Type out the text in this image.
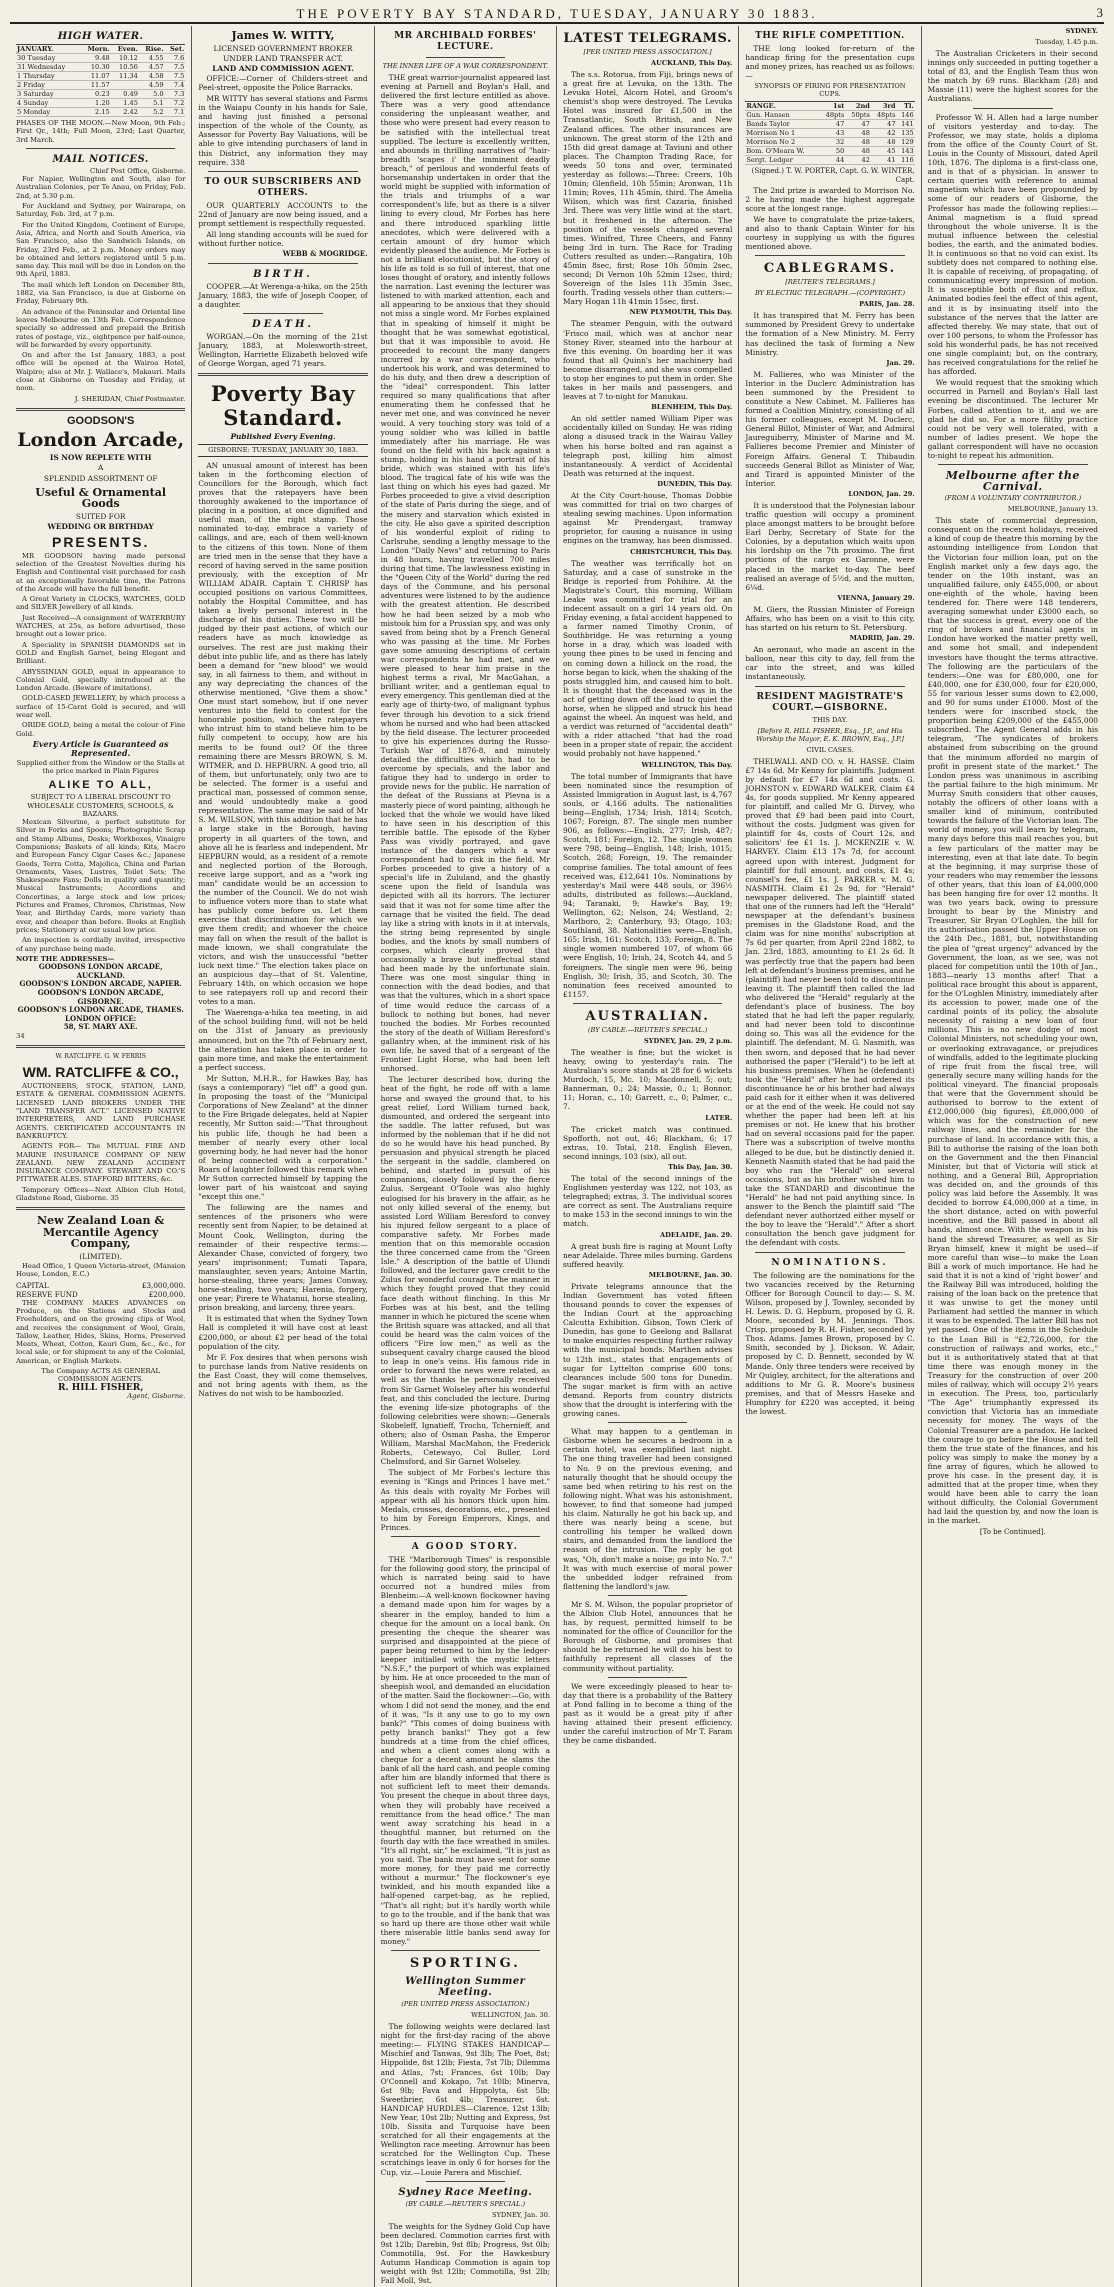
THE POVERTY BAY STANDARD, TUESDAY, JANUARY 30 1883.	3
HIGH WATER.
JANUARY.	Morn.	Even.	Rise.	Set.
30 Tuesday	9.48	10.12	4.55	7.6
31 Wednesday	10.30	10.56	4.57	7.5
1 Thursday	11.07	11.34	4.58	7.5
2 Friday	11.57		4.59	7.4
3 Saturday	0.23	0.49	5.0	7.3
4 Sunday	1.20	1.45	5.1	7.2
5 Monday	2.15	2.42	5.2	7.1
PHASES OF THE MOON.—New Moon, 9th Feb.; First Qr., 14th; Full Moon, 23rd; Last Quarter, 3rd March.
MAIL NOTICES.
Chief Post Office, Gisborne.

For Napier, Wellington and South, also for Australian Colonies, per Te Anau, on Friday, Feb. 2nd, at 5.30 p.m.

For Auckland and Sydney, per Wairarapa, on Saturday, Feb. 3rd, at 7 p.m.

For the United Kingdom, Continent of Europe, Asia, Africa, and North and South America, via San Francisco, also the Sandwich Islands, on Friday, 23rd Feb., at 2 p.m. Money orders may be obtained and letters registered until 5 p.m. same day. This mail will be due in London on the 9th April, 1883.

The mail which left London on December 8th, 1882, via San Francisco, is due at Gisborne on Friday, February 9th.

An advance of the Peninsular and Oriental line leaves Melbourne on 13th Feb. Correspondence specially so addressed and prepaid the British rates of postage, viz., eightpence per half-ounce, will be forwarded by every opportunity.

On and after the 1st January, 1883, a post office will be opened at the Wairoa Hotel, Waipiro; also at Mr. J. Wallace's, Makauri. Mails close at Gisborne on Tuesday and Friday, at noon.

J. SHERIDAN, Chief Postmaster.
GOODSON'S
London Arcade,
IS NOW REPLETE WITH
A
SPLENDID ASSORTMENT OF
Useful & Ornamental Goods
SUITED FOR
WEDDING OR BIRTHDAY
PRESENTS.

MR GOODSON having made personal selection of the Greatest Novelties during his English and Continental visit purchased for cash at an exceptionally favorable time, the Patrons of the Arcade will have the full benefit.

A Great Variety in CLOCKS, WATCHES, GOLD and SILVER Jewellery of all kinds.

Just Received—A consignment of WATERBURY WATCHES, at 25s, as before advertised, those brought out a lower price.

A Speciality in SPANISH DIAMONDS set in GOLD and English Garnet, being Elegant and Brilliant.

ABYSSINIAN GOLD, equal in appearance to Colonial Gold, specially introduced at the London Arcade. (Beware of imitations).

GOLD-CASED JEWELLERY, by which process a surface of 15-Carat Gold is secured, and will wear well.

ORIDE GOLD, being a metal the colour of Fine Gold.

Every Article is Guaranteed as Represented.
Supplied either from the Window or the Stalls at the price marked in Plain Figures
ALIKE TO ALL,
SUBJECT TO A LIBERAL DISCOUNT TO WHOLESALE CUSTOMERS, SCHOOLS, & BAZAARS.

Mexican Silverine, a perfect substitute for Silver in Forks and Spoons; Photographic Scrap and Stamp Albums, Desks; Workboxes, Vinaigre Companions; Baskets of all kinds; Kits, Macro and European Fancy Cigar Cases &c.; Japanese Goods, Terra Cotta, Majolica, China and Parian Ornaments, Vases, Lustres, Toilet Sets; The Shakespeare Fans; Dolls in quality and quantity; Musical Instruments; Accordions and Concertinas, a large stock and low prices; Pictures and Frames, Chromos, Christmas, New Year, and Birthday Cards, more variety than ever, and cheaper than before. Books at English prices; Stationery at our usual low price.

An inspection is cordially invited, irrespective of any purchase being made.

NOTE THE ADDRESSES—
GOODSONS LONDON ARCADE, AUCKLAND.
GOODSON'S LONDON ARCADE, NAPIER.
GOODSON'S LONDON ARCADE, GISBORNE.
GOODSON'S LONDON ARCADE, THAMES.
LONDON OFFICE:
58, ST. MARY AXE.
34
W. RATCLIFFE. G. W. FERRIS
WM. RATCLIFFE & CO.,

AUCTIONEERS, STOCK, STATION, LAND, ESTATE & GENERAL COMMISSION AGENTS. LICENSED LAND BROKERS UNDER THE "LAND TRANSFER ACT." LICENSED NATIVE INTERPRETERS, AND LAND PURCHASE AGENTS. CERTIFICATED ACCOUNTANTS IN BANKRUPTCY.

AGENTS FOR— The MUTUAL FIRE AND MARINE INSURANCE COMPANY OF NEW ZEALAND. NEW ZEALAND ACCIDENT INSURANCE COMPANY. STEWART AND CO.'S PITTWATER ALES. STAFFORD BITTERS, &c.

Temporary Offices—Next Albion Club Hotel, Gladstone Road, Gisborne. 35

New Zealand Loan & Mercantile Agency Company,
(LIMITED).

Head Office, 1 Queen Victoria-street, (Mansion House, London, E.C.)

CAPITAL	£3,000,000.
RESERVE FUND	£200,000.

THE COMPANY MAKES ADVANCES on Produce, on the Stations and Stocks and Freeholders, and on the growing clips of Wool, and receives the consignment of Wool, Grain, Tallow, Leather, Hides, Skins, Horns, Preserved Meats, Wheat, Cotton, Kauri Gum, &c., &c., for local sale, or for shipment to any of the Colonial, American, or English Markets.

The Company ACTS AS GENERAL COMMISSION AGENTS.
R. HILL FISHER,
Agent, Gisborne.
James W. WITTY,
LICENSED GOVERNMENT BROKER
UNDER LAND TRANSFER ACT.
LAND AND COMMISSION AGENT.

OFFICE:—Corner of Childers-street and Peel-street, opposite the Police Barracks.

MR WITTY has several stations and Farms in the Waiapu County in his hands for Sale, and having just finished a personal inspection of the whole of the County, as Assessor for Poverty Bay Valuations, will be able to give intending purchasers of land in this District, any information they may require. 338

TO OUR SUBSCRIBERS AND OTHERS.

OUR QUARTERLY ACCOUNTS to the 22nd of January are now being issued, and a prompt settlement is respectfully requested.

All long standing accounts will be sued for without further notice.

WEBB & MOGRIDGE.
BIRTH.

COOPER.—At Werenga-a-hika, on the 25th January, 1883, the wife of Joseph Cooper, of a daughter.

DEATH.

WORGAN.—On the morning of the 21st January, 1883, at Molesworth-street, Wellington, Harriette Elizabeth beloved wife of George Worgan, aged 71 years.

Poverty Bay Standard.
Published Every Evening.
GISBORNE: TUESDAY, JANUARY 30, 1883.

AN unusual amount of interest has been taken in the forthcoming election of Councillors for the Borough, which fact proves that the ratepayers have been thoroughly awakened to the importance of placing in a position, at once dignified and useful man, of the right stamp. Those nominated to-day, embrace a variety of callings, and are, each of them well-known to the citizens of this town. None of them are tried men in the sense that they have a record of having served in the same position previously, with the exception of Mr WILLIAM ADAIR. Captain T. CHRISP has occupied positions on various Committees, notably the Hospital Committee, and has taken a lively personal interest in the discharge of his duties. These two will be judged by their past actions, of which our readers have as much knowledge as ourselves. The rest are just making their début into public life, and as there has lately been a demand for "new blood" we would say, in all fairness to them, and without in any way depreciating the chances of the otherwise mentioned, "Give them a show." One must start somehow, but if one never ventures into the field to contest for the honorable position, which the ratepayers who intrust him to stand believe him to be fully competent to occupy, how are his merits to be found out? Of the three remaining there are Messrs BROWN, S. M. WITMER, and D. HEPBURN. A good trio, all of them, but unfortunately, only two are to be selected. The former is a useful and practical man, possessed of common sense, and would undoubtedly make a good representative. The same may be said of Mr S. M. WILSON, with this addition that he has a large stake in the Borough, having property in all quarters of the town, and above all he is fearless and independent. Mr HEPBURN would, as a resident of a remote and neglected portion of the Borough, receive large support, and as a "work ing man" candidate would be an accession to the number of the Council. We do not wish to influence voters more than to state what has publicly come before us. Let them exercise that discrimination for which we give them credit; and whoever the choice may fall on when the result of the ballot is made known, we shall congratulate the victors, and wish the unsuccessful "better luck next time." The election takes place on an auspicious day—that of St. Valentine, February 14th, on which occasion we hope to see ratepayers roll up and record their votes to a man.

The Waerenga-a-hika tea meeting, in aid of the school building fund, will not be held on the 31st of January as previously announced, but on the 7th of February next, the alteration has taken place in order to gain more time, and make the entertainment a perfect success.

Mr Sutton, M.H.R., for Hawkes Bay, has (says a contemporary) "let off" a good gun. In proposing the toast of the "Municipal Corporations of New Zealand" at the dinner to the Fire Brigade delegates, held at Napier recently, Mr Sutton said:—"That throughout his public life, though he had been a member of nearly every other local governing body, he had never had the honor of being connected with a corporation." Roars of laughter followed this remark when Mr Sutton corrected himself by tapping the lower part of his waistcoat and saying "except this one."

The following are the names and sentences of the prisoners who were recently sent from Napier, to be detained at Mount Cook, Wellington, during the remainder of their respective terms:—Alexander Chase, convicted of forgery, two years' imprisonment; Tumati Tapara, manslaughter, seven years; Antoine Martin, horse-stealing, three years; James Conway, horse-stealing, two years; Harenia, forgery, one year; Pirere te Whatanui, horse stealing, prison breaking, and larceny, three years.

It is estimated that when the Sydney Town Hall is completed it will have cost at least £200,000, or about £2 per head of the total population of the city.

Mr F. Fox desires that when persons wish to purchase lands from Native residents on the East Coast, they will come themselves, and not bring agents with them, as the Natives do not wish to be hamboozled.

MR ARCHIBALD FORBES' LECTURE.
THE INNER LIFE OF A WAR CORRESPONDENT.

THE great warrior-journalist appeared last evening at Parnell and Boylan's Hall, and delivered the first lecture entitled as above. There was a very good attendance considering the unpleasant weather, and those who were present had every reason to be satisfied with the intellectual treat supplied. The lecture is excellently written, and abounds in thrilling narratives of "hair-breadth 'scapes i' the imminent deadly breach," of perilous and wonderful feats of horsemanship undertaken in order that the world might be supplied with information of the trials and triumphs of a war correspondent's life, but as there is a silver lining to every cloud, Mr Forbes has here and there introduced sparkling little anecdotes, which were delivered with a certain amount of dry humor which evidently pleased the audience. Mr Forbes is not a brilliant elocutionist, but the story of his life as told is so full of interest, that one loses thought of oratory, and intently follows the narration. Last evening the lecturer was listened to with marked attention, each and all appearing to be anxious that they should not miss a single word. Mr Forbes explained that in speaking of himself it might be thought that he was somewhat egotistical, but that it was impossible to avoid. He proceeded to recount the many dangers incurred by a war correspondent, who undertook his work, and was determined to do his duty, and then drew a description of the "ideal" correspondent. This latter required so many qualifications that after enumerating them he confessed that he never met one, and was convinced he never would. A very touching story was told of a young soldier who was killed in battle immediately after his marriage. He was found on the field with his back against a stump, holding in his hand a portrait of his bride, which was stained with his life's blood. The tragical fate of his wife was the last thing on which his eyes had gazed. Mr Forbes proceeded to give a vivid description of the state of Paris during the siege, and of the misery and starvation which existed in the city. He also gave a spirited description of his wonderful exploit of riding to Carlsruhe, sending a lengthy message to the London "Daily News" and returning to Paris in 48 hours, having travelled 700 miles during that time. The lawlessness existing in the "Queen City of the World" during the red days of the Commune, and his personal adventures were listened to by the audience with the greatest attention. He described how he had been seized by a mob who mistook him for a Prussian spy, and was only saved from being shot by a French General who was passing at the time. Mr Forbes gave some amusing descriptions of certain war correspondents he had met, and we were pleased to hear him praise in the highest terms a rival, Mr MacGahan, a brilliant writer, and a gentleman equal to every emergency. This gentleman died at the early age of thirty-two, of malignant typhus fever through his devotion to a sick friend whom he nursed and who had been attacked by the field disease. The lecturer proceeded to give his experiences during the Russo-Turkish War of 1876-8, and minutely detailed the difficulties which had to be overcome by specials, and the labor and fatigue they had to undergo in order to provide news for the public. He narration of the defeat of the Russians at Plevna is a masterly piece of word painting, although he locked that the whole we would have liked to have seen in his description of this terrible battle. The episode of the Kyber Pass was vividly portrayed, and gave instance of the dangers which a war correspondent had to risk in the field. Mr Forbes proceeded to give a history of a special's life in Zululand, and the ghastly scene upon the field of Isandula was depicted with all its horrors. The lecturer said that it was not for some time after the carnage that he visited the field. The dead lay like a string with knots in it at intervals, the string being represented by single bodies, and the knots by small numbers of corpses, which clearly proved that occasionally a brave but ineffectual stand had been made by the unfortunate slain. There was one most singular thing in connection with the dead bodies, and that was that the vultures, which in a short space of time would reduce the carcass of a bullock to nothing but bones, had never touched the bodies. Mr Forbes recounted the story of the death of William Beresford's gallantry when, at the imminent risk of his own life, he saved that of a sergeant of the Frontier Light Horse, who had been left unhorsed.

The lecturer described how, during the heat of the fight, he rode off with a lame horse and swayed the ground that, to his great relief, Lord William turned back, dismounted, and ordered the sergeant into the saddle. The latter refused, but was informed by the nobleman that if he did not do so he would have his head punched. By persuasion and physical strength he placed the sergeant in the saddle, clambered on behind, and started in pursuit of his companions, closely followed by the fierce Zulus. Sergeant O'Toole was also highly eulogised for his bravery in the affair, as he not only killed several of the enemy, but assisted Lord William Beresford to convey his injured fellow sergeant to a place of comparative safety. Mr Forbes made mention that on this memorable occasion the three concerned came from the "Green Isle." A description of the battle of Ulundi followed, and the lecturer gave credit to the Zulus for wonderful courage. The manner in which they fought proved that they could face death without flinching. In this Mr Forbes was at his best, and the telling manner in which he pictured the scene when the British square was attacked, and all that could be heard was the calm voices of the officers "Fire low men," as well as the subsequent cavalry charge caused the blood to leap in one's veins. His famous ride in order to forward the news were related, as well as the thanks he personally received from Sir Garnet Wolseley after his wonderful feat, and this concluded the lecture. During the evening life-size photographs of the following celebrities were shown:—Generals Skobeleff, Ignatieff, Trochu, Tchernieff, and others; also of Osman Pasha, the Emperor William, Marshal MacMahon, the Frederick Roberts, Cetewayo, Col Buller, Lord Chelmsford, and Sir Garnet Wolseley.

The subject of Mr Forbes's lecture this evening is "Kings and Princes I have met." As this deals with royalty Mr Forbes will appear with all his honors thick upon him. Medals, crosses, decorations, etc., presented to him by Foreign Emperors, Kings, and Princes.

A GOOD STORY.

THE "Marlborough Times" is responsible for the following good story, the principal of which is narrated being said to have occurred not a hundred miles from Blenheim:—A well-known flockowner having a demand made upon him for wages by a shearer in the employ, handed to him a cheque for the amount on a local bank. On presenting the cheque the shearer was surprised and disappointed at the piece of paper being returned to him by the ledger-keeper initialled with the mystic letters "N.S.F.," the purport of which was explained by him. He at once proceeded to the man of sheepish wool, and demanded an elucidation of the matter. Said the flockowner:—Go, with whom I did not send the money, and the end of it was, "Is it any use to go to my own bank?" "This comes of doing business with petty branch banks!" They got a few hundreds at a time from the chief offices, and when a client comes along with a cheque for a decent amount he slams the bank of all the hard cash, and people coming after him are blandly informed that there is not sufficient left to meet their demands. You present the cheque in about three days, when they will probably have received a remittance from the head office." The man went away scratching his head in a thoughtful manner, but returned on the fourth day with the face wreathed in smiles. "It's all right, sir," he exclaimed, "It is just as you said. The bank must have sent for some more money, for they paid me correctly without a murmur." The flockowner's eye twinkled, and his mouth expanded like a half-opened carpet-bag, as he replied, "That's all right; but it's hardly worth while to go to the trouble, and if the bank that was so hard up there are those other wait while there miserable little banks send away for money."

SPORTING.
Wellington Summer Meeting.
(PER UNITED PRESS ASSOCIATION.)
WELLINGTON, Jan. 30.

The following weights were declared last night for the first-day racing of the above meeting:— FLYING STAKES HANDICAP—Mischief and Tanwas, 9st 3lb; The Poet, 8st; Hippolide, 8st 12lb; Fiesta, 7st 7lb; Dilemma and Atlas, 7st; Frances, 6st 10lb; Day O'Connell and Kokapo, 7st 10lb; Minerva, 6st 9lb; Fava and Hippolyta, 6st 5lb; Sweetbrier, 6st 4lb; Treasurer, 6st. HANDICAP HURDLES—Clarence, 12st 13lb; New Year, 10st 2lb; Nutting and Express, 9st 10lb. Sissita and Turquoise have been scratched for all their engagements at the Wellington race meeting. Arrownur has been scratched for the Wellington Cup. These scratchings leave in only 6 for horses for the Cup, viz.—Louie Parera and Mischief.

Sydney Race Meeting.
(BY CABLE.—REUTER'S SPECIAL.)
SYDNEY, Jan. 30.

The weights for the Sydney Gold Cup have been declared. Commotion carries first with 9st 12lb; Darebin, 9st 8lb; Progress, 9st 0lb; Commotilla, 9st. For the Hawkesbury Autumn Handicap Commotion is again top weight with 9st 12lb; Commotilla, 9st 2lb; Fall Moll, 9st.

LATEST TELEGRAMS.
[PER UNITED PRESS ASSOCIATION.]
AUCKLAND, This Day.

The s.s. Rotorua, from Fiji, brings news of a great fire at Levuka, on the 13th. The Levuka Hotel, Alcorn Hotel, and Groom's chemist's shop were destroyed. The Levuka Hotel was insured for £1,500 in the Transatlantic, South British, and New Zealand offices. The other insurances are unknown. The great storm of the 12th and 15th did great damage at Taviuni and other places. The Champion Trading Race, for weeds 50 tons and over, terminated yesterday as follows:—Three: Creers, 10h 10min; Glenfield, 10h 55min; Aronwan, 11h 11min; Roves, 11h 45min, third. The Amelia Wilson, which was first Cazaria, finished 3rd. There was very little wind at the start, but it freshened in the afternoon. The position of the vessels changed several times. Winifred, Three Cheers, and Fanny being 3rd in turn. The Race for Trading Cutters resulted as under:—Rangatira, 10h 45min 8sec, first; Rose 10h 50min 2sec, second; Di Vernon 10h 52min 12sec, third; Sovereign of the Isles 11h 35min 3sec, fourth. Trading vessels other than cutters:—Mary Hogan 11h 41min 15sec, first.

NEW PLYMOUTH, This Day.

The steamer Penguin, with the outward 'Frisco mail, which was at anchor near Stoney River, steamed into the harbour at five this evening. On boarding her it was found that all Quinn's her machinery had become disarranged, and she was compelled to stop her engines to put them in order. She takes in her mails and passengers, and leaves at 7 to-night for Manukau.

BLENHEIM, This Day.

An old settler named William Piper was accidentally killed on Sunday. He was riding along a disused track in the Wairau Valley when his horse bolted and ran against a telegraph post, killing him almost instantaneously. A verdict of Accidental Death was returned at the inquest.

DUNEDIN, This Day.

At the City Court-house, Thomas Dobbie was committed for trial on two charges of stealing sewing machines. Upon information against Mr Prendergast, tramway proprietor, for causing a nuisance in using engines on the tramway, has been dismissed.

CHRISTCHURCH, This Day.

The weather was terrifically hot on Saturday, and a case of sunstroke in the Bridge is reported from Pohihire. At the Magistrate's Court, this morning, William Leake was committed for trial for an indecent assault on a girl 14 years old. On Friday evening, a fatal accident happened to a farmer named Timothy Cronin, of Southbridge. He was returning a young horse in a dray, which was loaded with young thee pines to be used in fencing and on coming down a hillock on the road, the horse began to kick, when the shaking of the posts struggled him, and caused him to bolt. It is thought that the deceased was in the act of getting down off the load to quiet the horse, when he slipped and struck his head against the wheel. An inquest was held, and a verdict was returned of "accidental death" with a rider attached "that had the road been in a proper state of repair, the accident would probably not have happened."

WELLINGTON, This Day.

The total number of Immigrants that have been nominated since the resumption of Assisted Immigration in August last, is 4,767 souls, or 4,166 adults. The nationalities being—English, 1734; Irish, 1814; Scotch, 1067; Foreign, 87. The single men number 906, as follows:—English, 277; Irish, 487; Scotch, 181; Foreign, 12. The single women were 798, being—English, 148; Irish, 1015; Scotch, 268; Foreign, 19. The remainder comprise families. The total amount of fees received was, £12,641 10s. Nominations by yesterday's Mail were 448 souls, or 396½ adults, distributed as follows:—Auckland, 94; Taranaki, 9; Hawke's Bay, 19; Wellington, 62; Nelson, 24; Westland, 2; Marlboro, 2; Canterbury, 93; Otago, 103; Southland, 38. Nationalities were—English, 165; Irish, 161; Scotch, 133; Foreign, 8. The single women numbered 107, of whom 66 were English, 10; Irish, 24, Scotch 44, and 5 foreigners. The single men were 96, being English, 30; Irish, 35, and Scotch, 30. The nomination fees received amounted to £1157.

AUSTRALIAN.
(BY CABLE.—REUTER'S SPECIAL.)
SYDNEY, Jan. 29, 2 p.m.

The weather is fine; but the wicket is heavy, owing to yesterday's rain. The Australian's score stands at 28 for 6 wickets Murdoch, 15, Mc. 10; Macdonnell, 5; out; Bannerman, 0.; 24; Massie, 0.; 1; Bonnor, 11; Horan, c., 10; Garrett, c., 0; Palmer, c., 7.

LATER.

The cricket match was continued. Spofforth, not out, 46; Blackham, 6; 17 extras, 10. Total, 218. English Eleven, second innings, 103 (six), all out.

This Day, Jan. 30.

The total of the second innings of the Englishmen yesterday was 122, not 103, as telegraphed; extras, 3. The individual scores are correct as sent. The Australians require to make 153 in the second innings to win the match.

ADELAIDE, Jan. 29.

A great bush fire is raging at Mount Lofty near Adelaide. Three miles burning. Gardens suffered heavily.

MELBOURNE, Jan. 30.

Private telegrams announce that the Indian Government has voted fifteen thousand pounds to cover the expenses of the Indian Court at the approaching Calcutta Exhibition. Gibson, Town Clerk of Dunedin, has gone to Geelong and Ballarat to make enquiries respecting further railway with the municipal bonds. Marthen advises to 12th inst., states that engagements of sugar for Lyttelton comprise 600 tons; clearances include 500 tons for Dunedin. The sugar market is firm with an active demand. Reports from country districts show that the drought is interfering with the growing canes.

What may happen to a gentleman in Gisborne when he secures a bedroom in a certain hotel, was exemplified last night. The one thing traveller had been consigned to No. 9 on the previous evening, and naturally thought that he should occupy the same bed when retiring to his rest on the following night. What was his astonishment, however, to find that someone had jumped his claim. Naturally he got his back up, and there was nearly being a scene, but controlling his temper he walked down stairs, and demanded from the landlord the reason of the intrusion. The reply he got was, "Oh, don't make a noise; go into No. 7." It was with much exercise of moral power the unbedded lodger refrained from flattening the landlord's jaw.

Mr S. M. Wilson, the popular proprietor of the Albion Club Hotel, announces that he has, by request, permitted himself to be nominated for the office of Councillor for the Borough of Gisborne, and promises that should he be returned he will do his best to faithfully represent all classes of the community without partiality.

We were exceedingly pleased to hear to-day that there is a probability of the Battery at Pond falling in to become a thing of the past as it would be a great pity if after having attained their present efficiency, under the careful instruction of Mr T. Faram they be came disbanded.

THE RIFLE COMPETITION.

THE long looked for-return of the handicap firing for the presentation cups and money prizes, has reached us as follows:—

SYNOPSIS OF FIRING FOR PRESENTATION CUPS.
RANGE.	1st	2nd	3rd	Tl.
Gun. Hansen	48pts	50pts	48pts	146
Bands Taylor	47	47	47	141
Morrison No 1	43	48	42	135
Morrison No 2	32	48	48	129
Bom. O'Meara W.	50	48	45	143
Sergt. Ledger	44	42	41	116
(Signed.) T. W. PORTER, Capt. G. W. WINTER, Capt.

The 2nd prize is awarded to Morrison No. 2 he having made the highest aggregate score at the longest range.

We have to congratulate the prize-takers, and also to thank Captain Winter for his courtesy in supplying us with the figures mentioned above.

CABLEGRAMS.
[REUTER'S TELEGRAMS.]
BY ELECTRIC TELEGRAPH.—(COPYRIGHT.)
PARIS, Jan. 28.

It has transpired that M. Ferry has been summoned by President Grevy to undertake the formation of a New Ministry. M. Ferry has declined the task of forming a New Ministry.

Jan. 29.

M. Fallieres, who was Minister of the Interior in the Duclerc Administration has been summoned by the President to constitute a New Cabinet. M. Fallieres has formed a Coalition Ministry, consisting of all his former colleagues, except M. Duclerc, General Billot, Minister of War, and Admiral Jaureguiberry, Minister of Marine and M. Fallieres become Premier and Minister of Foreign Affairs. General T. Thibaudin succeeds General Billot as Minister of War, and Tirard is appointed Minister of the Interior.

LONDON, Jan. 29.

It is understood that the Polynesian labour traffic question will occupy a prominent place amongst matters to be brought before Earl Derby, Secretary of State for the Colonies, by a deputation which waits upon his lordship on the 7th proximo. The first portions of the cargo ex Garonne, were placed in the market to-day. The beef realised an average of 5½d, and the mutton, 6¼d.

VIENNA, January 29.

M. Giers, the Russian Minister of Foreign Affairs, who has been on a visit to this city, has started on his return to St. Petersburg.

MADRID, Jan. 29.

An aeronaut, who made an ascent in the balloon, near this city to day, fell from the car into the street, and was killed instantaneously.

RESIDENT MAGISTRATE'S COURT.—GISBORNE.
THIS DAY.
[Before R. HILL FISHER, Esq., J.P., and His Worship the Mayor, E. K. BROWN, Esq., J.P.]
CIVIL CASES.

THELWALL AND CO. v. H. HASSE. Claim £7 14s 6d. Mr Kenny for plaintiffs. Judgment by default for £7 14s 6d and costs. G. JOHNSTON v. EDWARD WALKER. Claim £4 4s, for goods supplied. Mr Kenny appeared for plaintiff, and called Mr G. Dirvey, who proved that £9 had been paid into Court, without the costs. Judgment was given for plaintiff for 4s, costs of Court 12s, and solicitors' fee £1 1s. J. MCKENZIE v. W. HARVEY. Claim £13 17s 7d, for account agreed upon with interest. Judgment for plaintiff for full amount, and costs, £1 4s; counsel's fee, £1 1s. J. PARKER v. M. G. NASMITH. Claim £1 2s 9d, for "Herald" newspaper delivered. The plaintiff stated that one of the runners had left the "Herald" newspaper at the defendant's business premises in the Gladstone Road, and the claim was for nine months' subscription at 7s 6d per quarter, from April 22nd 1882, to Jan. 23rd, 1883, amounting to £1 2s 6d. It was perfectly true that the papers had been left at defendant's business premises, and he (plaintiff) had never been told to discontinue leaving it. The plaintiff then called the lad who delivered the "Herald" regularly at the defendant's place of business. The boy stated that he had left the paper regularly, and had never been told to discontinue doing so. This was all the evidence for the plaintiff. The defendant, M. G. Nasmith, was then sworn, and deposed that he had never authorised the paper ("Herald") to be left at his business premises. When he (defendant) took the "Herald" after he had ordered its discontinuance he or his brother had always paid cash for it either when it was delivered or at the end of the week. He could not say whether the paper had been left at his premises or not. He knew that his brother had on several occasions paid for the paper. There was a subscription of twelve months alleged to be due, but he distinctly denied it. Kenneth Nasmith stated that he had paid the boy who ran the "Herald" on several occasions, but as his brother wished him to take the STANDARD and discontinue the "Herald" he had not paid anything since. In answer to the Bench the plaintiff said "The defendant never authorized either myself or the boy to leave the "Herald"." After a short consultation the bench gave judgment for the defendant with costs.

NOMINATIONS.

The following are the nominations for the two vacancies received by the Returning Officer for Borough Council to day:— S. M. Wilson, proposed by J. Townley, seconded by H. Lewis. D. G. Hepburn, proposed by G. R. Moore, seconded by M. Jennings. Thos. Crisp, proposed by R. H. Fisher, seconded by Thos. Adams. James Brown, proposed by C. Smith, seconded by J. Dickson. W. Adair, proposed by C. D. Bennett, seconded by W. Mande. Only three tenders were received by Mr Quigley, architect, for the alterations and additions to Mr G. R. Moore's business premises, and that of Messrs Haseke and Humphry for £220 was accepted, it being the lowest.

SYDNEY.
Tuesday, 1.45 p.m.

The Australian Cricketers in their second innings only succeeded in putting together a total of 83, and the English Team thus won the match by 69 runs. Blackham (28) and Massie (11) were the highest scores for the Australians.

Professor W. H. Allen had a large number of visitors yesterday and to-day. The Professor, we may state, holds a diploma from the office of the County Court of St. Louis in the County of Missouri, dated April 10th, 1876. The diploma is a first-class one, and is that of a physician. In answer to certain queries with reference to animal magnetism which have been propounded by some of our readers of Gisborne, the Professor has made the following replies:—Animal magnetism is a fluid spread throughout the whole universe. It is the mutual influence between the celestial bodies, the earth, and the animated bodies. It is continuous so that no void can exist. Its subtlety does not compared to nothing else. It is capable of receiving, of propagating, of communicating every impression of motion. It is susceptible both of flux and reflux. Animated bodies feel the effect of this agent, and it is by insinuating itself into the substance of the nerves that the latter are affected thereby. We may state, that out of over 100 persons, to whom the Professor has sold his wonderful pads, he has not received one single complaint; but, on the contrary, has received congratulations for the relief he has afforded.

We would request that the smoking which occurred in Parnell and Boylan's Hall last evening be discontinued. The lecturer Mr Forbes, called attention to it, and we are glad he did so. For a more filthy practice could not be very well tolerated, with a number of ladies present. We hope the gallant correspondent will have no occasion to-night to repeat his admonition.

Melbourne after the Carnival.
(FROM A VOLUNTARY CONTRIBUTOR.)
MELBOURNE, January 13.

This state of commercial depression, consequent on the recent holidays, received a kind of coup de theatre this morning by the astounding intelligence from London that the Victorian four million loan, put on the English market only a few days ago, the tender on the 10th instant, was an unqualified failure, only £455,000, or about one-eighth of the whole, having been tendered for. There were 148 tenderers, averaging somewhat under £3000 each, so that the success is great, every one of the ring of brokers and financial agents in London have worked the matter pretty well, and some hot small, and independent investors have thought the terms attractive. The following are the particulars of the tenders:—One was for £80,000, one for £40,000, one for £30,000, four for £20,000, 55 for various lesser sums down to £2,000, and 90 for sums under £1000. Most of the tenders were for inscribed stock, the proportion being £209,000 of the £455,000 subscribed. The Agent General adds in his telegram, "The syndicates of brokers abstained from subscribing on the ground that the minimum afforded no margin of profit in present state of the market." The London press was unanimous in ascribing the partial failure to the high minimum. Mr Murray Smith considers that other causes, notably the officers of other loans with a smaller kind of minimum, contributed towards the failure of the Victorian loan. The world of money, you will learn by telegram, many days before this mail reaches you, but a few particulars of the matter may be interesting, even at that late date. To begin at the beginning, it may surprise those of your readers who may remember the lessons of other years, that this loan of £4,000,000 has been hanging fire for over 12 months. It was two years back, owing to pressure brought to bear by the Ministry and Treasurer, Sir Bryan O'Loghlen, the bill for its authorisation passed the Upper House on the 24th Dec., 1881, but, notwithstanding the plea of "great urgency" advanced by the Government, the loan, as we see, was not placed for competition until the 10th of Jan., 1883—nearly 13 months after! That a political race brought this about is apparent, for the O'Loghlen Ministry, immediately after its accession to power, made one of the cardinal points of its policy, the absolute necessity of raising a new loan of four millions. This is no new dodge of most Colonial Ministers, not scheduling your own, or overlooking extravagance, or prejudices of windfalls, added to the legitimate plucking of ripe fruit from the fiscal tree, will generally secure many willing hands for the political vineyard. The financial proposals that were that the Government should be authorised to borrow to the extent of £12,000,000 (big figures), £8,000,000 of which was for the construction of new railway lines, and the remainder for the purchase of land. In accordance with this, a Bill to authorise the raising of the loan both on the Government and the then Financial Minister, but that of Victoria will stick at nothing, and a General Bill, Appropriation was decided on, and the grounds of this policy was laid before the Assembly. It was decided to borrow £4,000,000 at a time, in the short distance, acted on with powerful incentive, and the Bill passed in about all hands, almost once. With the weapon in his hand the shrewd Treasurer, as well as Sir Bryan himself, knew it might be used—if more careful than wise—to make the Loan Bill a work of much importance. He had he said that it is not a kind of 'right bower' and the Railway Bill was introduced, holding the raising of the loan back on the pretence that it was unwise to get the money until Parliament had settled the manner in which it was to be expended. The latter Bill has not yet passed. One of the items in the Schedule to the Loan Bill is "£2,726,000, for the construction of railways and works, etc.," but it is authoritatively stated that at that time there was enough money in the Treasury for the construction of over 200 miles of railway, which will occupy 2½ years in execution. The Press, too, particularly "The Age" triumphantly expressed its conviction that Victoria has an immediate necessity for money. The ways of the Colonial Treasurer are a paradox. He lacked the courage to go before the House and tell them the true state of the finances, and his policy was simply to make the money by a fine array of figures, which he allowed to prove his case. In the present day, it is admitted that at the proper time, when they would have been able to carry the loan without difficulty, the Colonial Government had laid the question by, and now the loan is in the market.

[To be Continued].
